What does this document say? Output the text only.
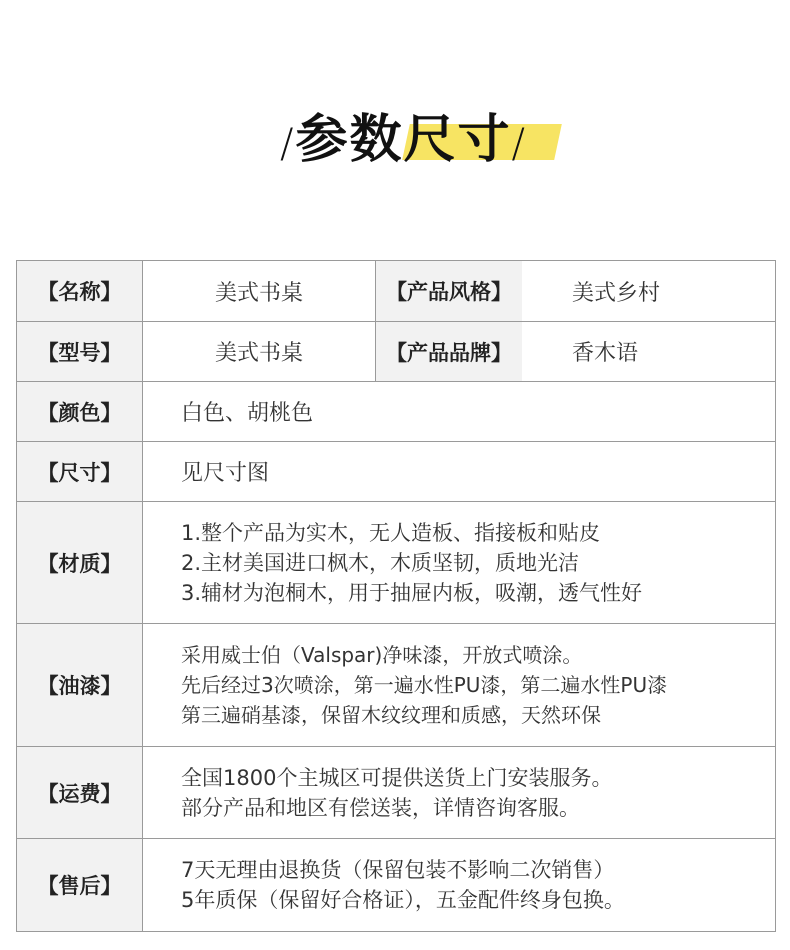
/参数尺寸/
【名称】	美式书桌	【产品风格】	美式乡村
【型号】	美式书桌	【产品品牌】	香木语
【颜色】	白色、胡桃色
【尺寸】	见尺寸图
【材质】
1.整个产品为实木，无人造板、指接板和贴皮
2.主材美国进口枫木，木质坚韧，质地光洁
3.辅材为泡桐木，用于抽屉内板，吸潮，透气性好
【油漆】
采用威士伯（Valspar)净味漆，开放式喷涂。
先后经过3次喷涂，第一遍水性PU漆，第二遍水性PU漆
第三遍硝基漆，保留木纹纹理和质感，天然环保
【运费】
全国1800个主城区可提供送货上门安装服务。
部分产品和地区有偿送装，详情咨询客服。
【售后】
7天无理由退换货（保留包装不影响二次销售）
5年质保（保留好合格证），五金配件终身包换。
